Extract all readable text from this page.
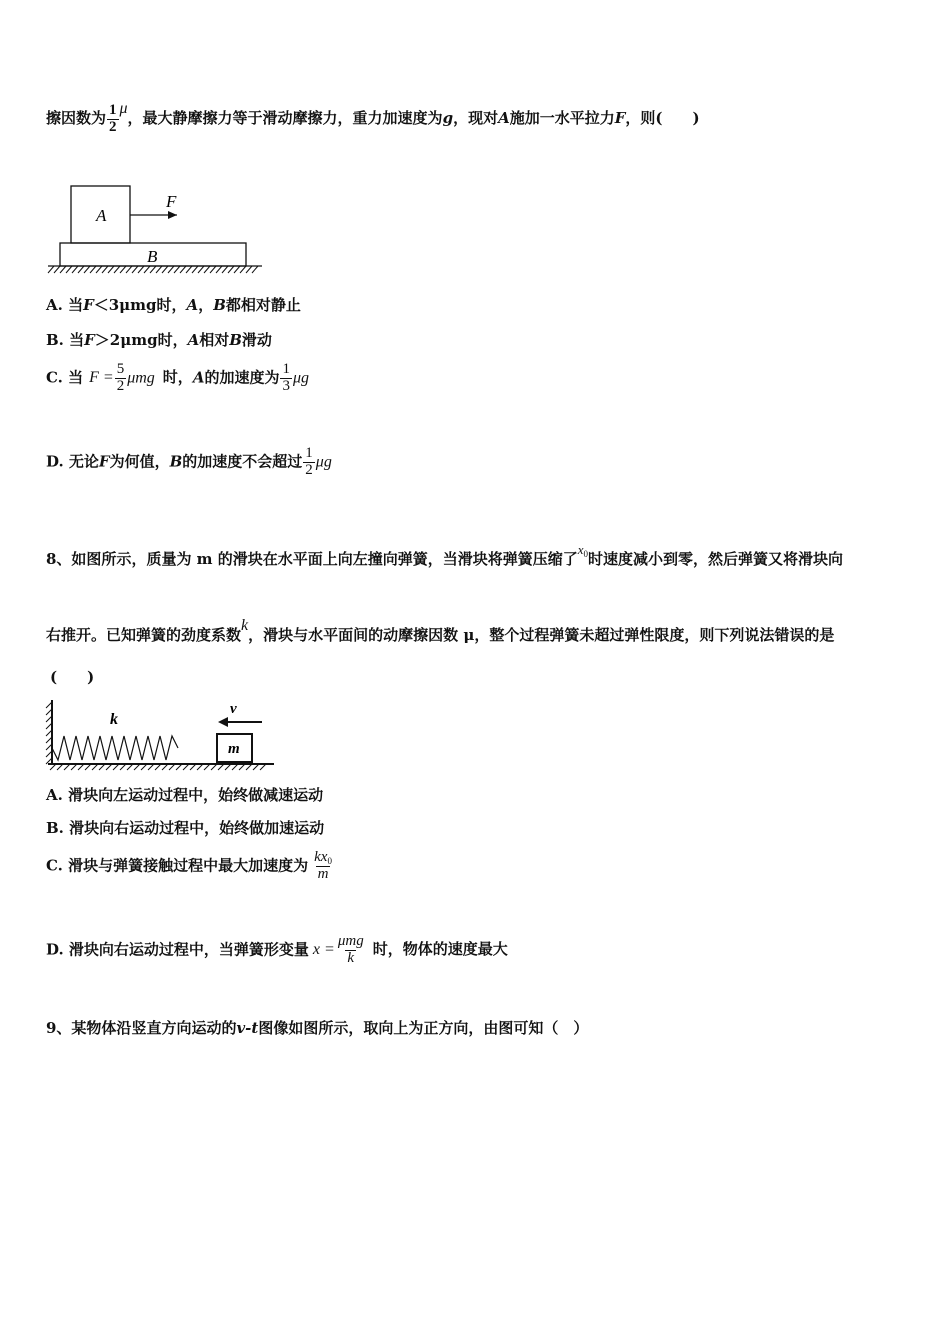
擦因数为 $\frac{1}{2}$ μ，最大静摩擦力等于滑动摩擦力，重力加速度为g，现对A施加一水平拉力F，则(　　)
A
F
B
A. 当F＜3μmg时，A，B都相对静止
B. 当F＞2μmg时，A相对B滑动
C. 当 $F = \frac{5}{2}$ μmg 时，A的加速度为 $\frac{1}{3}$ μg
D. 无论F为何值，B的加速度不会超过 $\frac{1}{2}$ μg
8、如图所示，质量为 m 的滑块在水平面上向左撞向弹簧，当滑块将弹簧压缩了$x_0$时速度减小到零，然后弹簧又将滑块向
右推开。已知弹簧的劲度系数k，滑块与水平面间的动摩擦因数 μ，整个过程弹簧未超过弹性限度，则下列说法错误的是
(　　)
m
v
k
A. 滑块向左运动过程中，始终做减速运动
B. 滑块向右运动过程中，始终做加速运动
C. 滑块与弹簧接触过程中最大加速度为 $\frac{kx_0}{m}$
D. 滑块向右运动过程中，当弹簧形变量 $x = \frac{\text{μmg}}{k}$ 时，物体的速度最大
9、某物体沿竖直方向运动的v-t图像如图所示，取向上为正方向，由图可知（　）
